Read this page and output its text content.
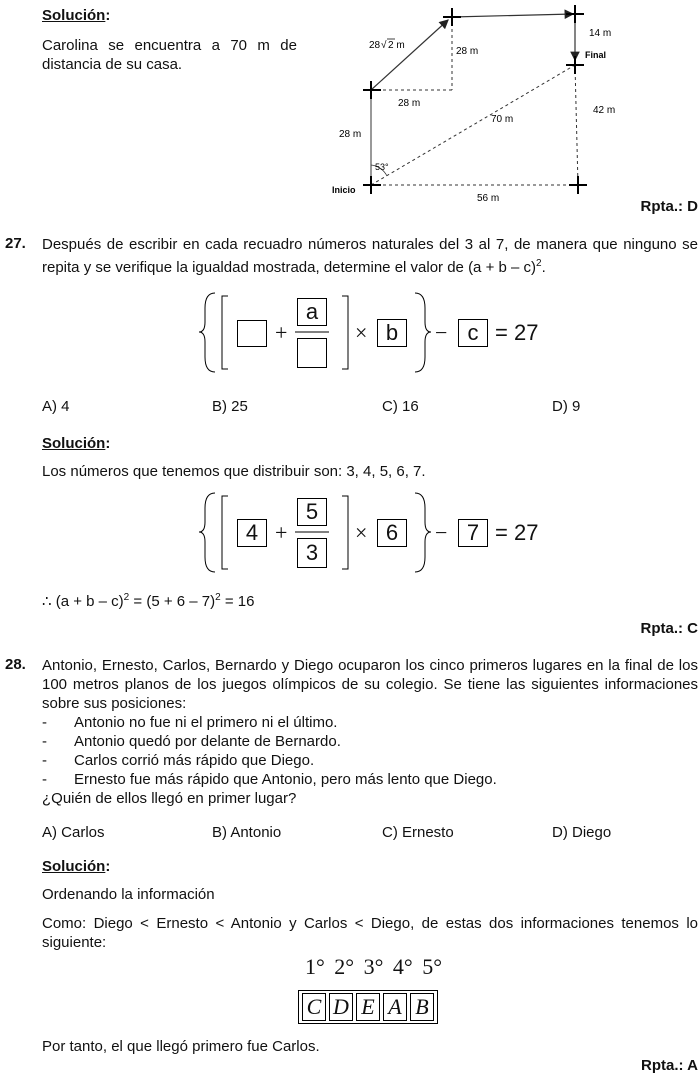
Solución:
Carolina se encuentra a 70 m de distancia de su casa.
28 √ 2 m
28 m
14 m
Final
28 m
70 m
42 m
28 m
53°
Inicio
56 m	Rpta.: D
27. Después de escribir en cada recuadro números naturales del 3 al 7, de manera que ninguno se repita y se verifique la igualdad mostrada, determine el valor de $(a + b - c)^2$.
+
a
× b	− c = 27
A) 4	B) 25	C) 16	D) 9
Solución:
Los números que tenemos que distribuir son: 3, 4, 5, 6, 7.
4 +
5
3
× 6	− 7 = 27
∴ $(a + b - c)^2 = (5 + 6 - 7)^2 = 16$
Rpta.: C
28. Antonio, Ernesto, Carlos, Bernardo y Diego ocuparon los cinco primeros lugares en la final de los 100 metros planos de los juegos olímpicos de su colegio. Se tiene las siguientes informaciones sobre sus posiciones:
- Antonio no fue ni el primero ni el último.
- Antonio quedó por delante de Bernardo.
- Carlos corrió más rápido que Diego.
- Ernesto fue más rápido que Antonio, pero más lento que Diego.
¿Quién de ellos llegó en primer lugar?
A) Carlos	B) Antonio	C) Ernesto	D) Diego
Solución:
Ordenando la información
Como: Diego < Ernesto < Antonio y Carlos < Diego, de estas dos informaciones tenemos lo siguiente:
1° 2° 3° 4° 5°
C D E A B
Por tanto, el que llegó primero fue Carlos.
Rpta.: A
